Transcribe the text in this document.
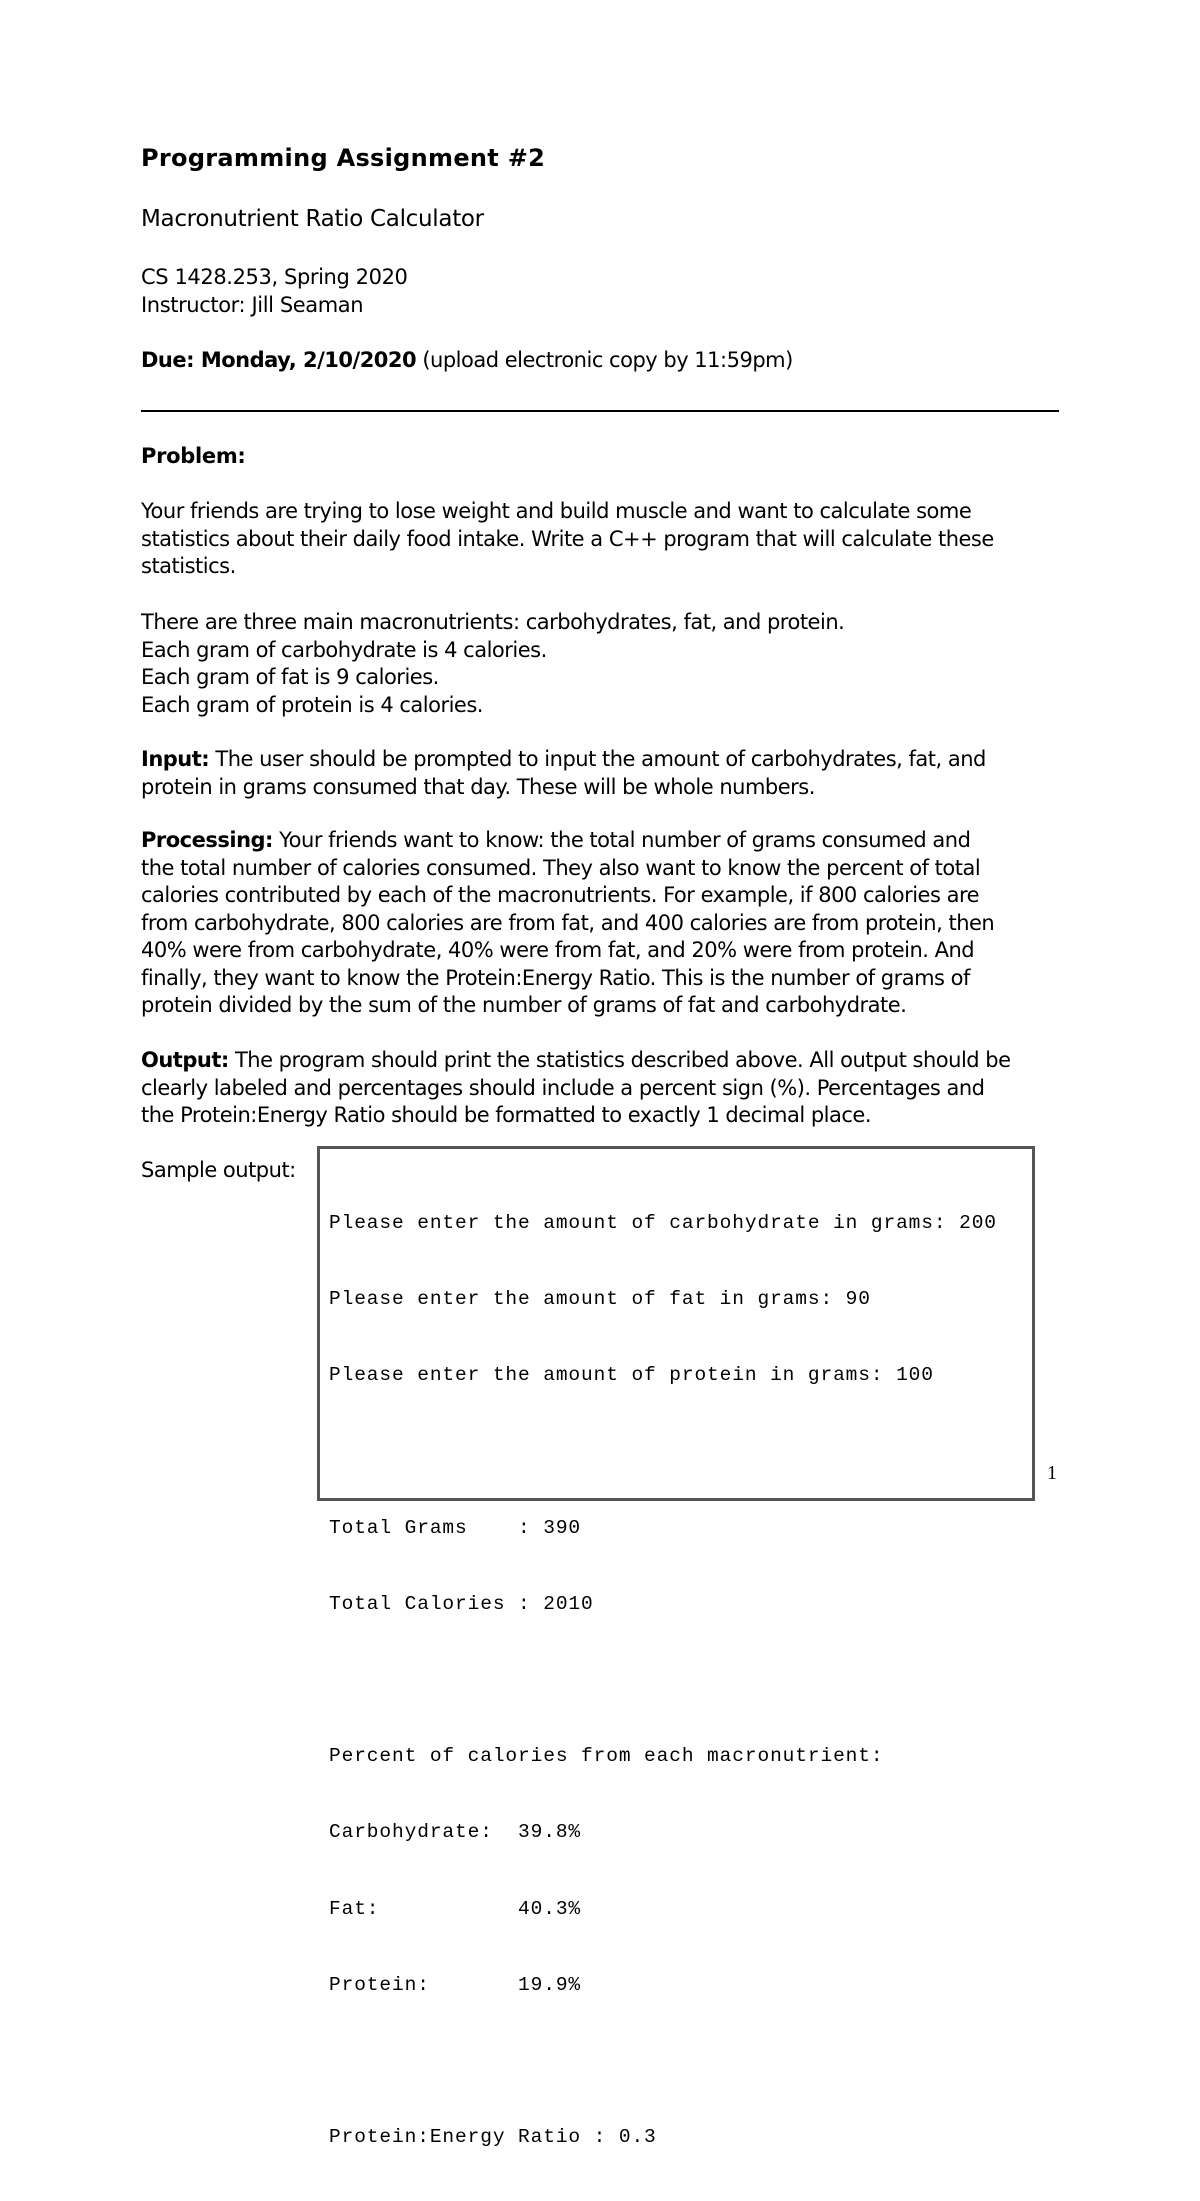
Programming Assignment #2
Macronutrient Ratio Calculator
CS 1428.253, Spring 2020
Instructor: Jill Seaman
Due: Monday, 2/10/2020 (upload electronic copy by 11:59pm)
Problem:
Your friends are trying to lose weight and build muscle and want to calculate some
statistics about their daily food intake. Write a C++ program that will calculate these
statistics.
There are three main macronutrients: carbohydrates, fat, and protein.
Each gram of carbohydrate is 4 calories.
Each gram of fat is 9 calories.
Each gram of protein is 4 calories.
Input: The user should be prompted to input the amount of carbohydrates, fat, and
protein in grams consumed that day. These will be whole numbers.
Processing: Your friends want to know: the total number of grams consumed and
the total number of calories consumed. They also want to know the percent of total
calories contributed by each of the macronutrients. For example, if 800 calories are
from carbohydrate, 800 calories are from fat, and 400 calories are from protein, then
40% were from carbohydrate, 40% were from fat, and 20% were from protein. And
finally, they want to know the Protein:Energy Ratio. This is the number of grams of
protein divided by the sum of the number of grams of fat and carbohydrate.
Output: The program should print the statistics described above. All output should be
clearly labeled and percentages should include a percent sign (%). Percentages and
the Protein:Energy Ratio should be formatted to exactly 1 decimal place.
Sample output:

Please enter the amount of carbohydrate in grams: 200

Please enter the amount of fat in grams: 90

Please enter the amount of protein in grams: 100

Total Grams    : 390

Total Calories : 2010

Percent of calories from each macronutrient:

Carbohydrate:  39.8%

Fat:           40.3%

Protein:       19.9%

Protein:Energy Ratio : 0.3

1
